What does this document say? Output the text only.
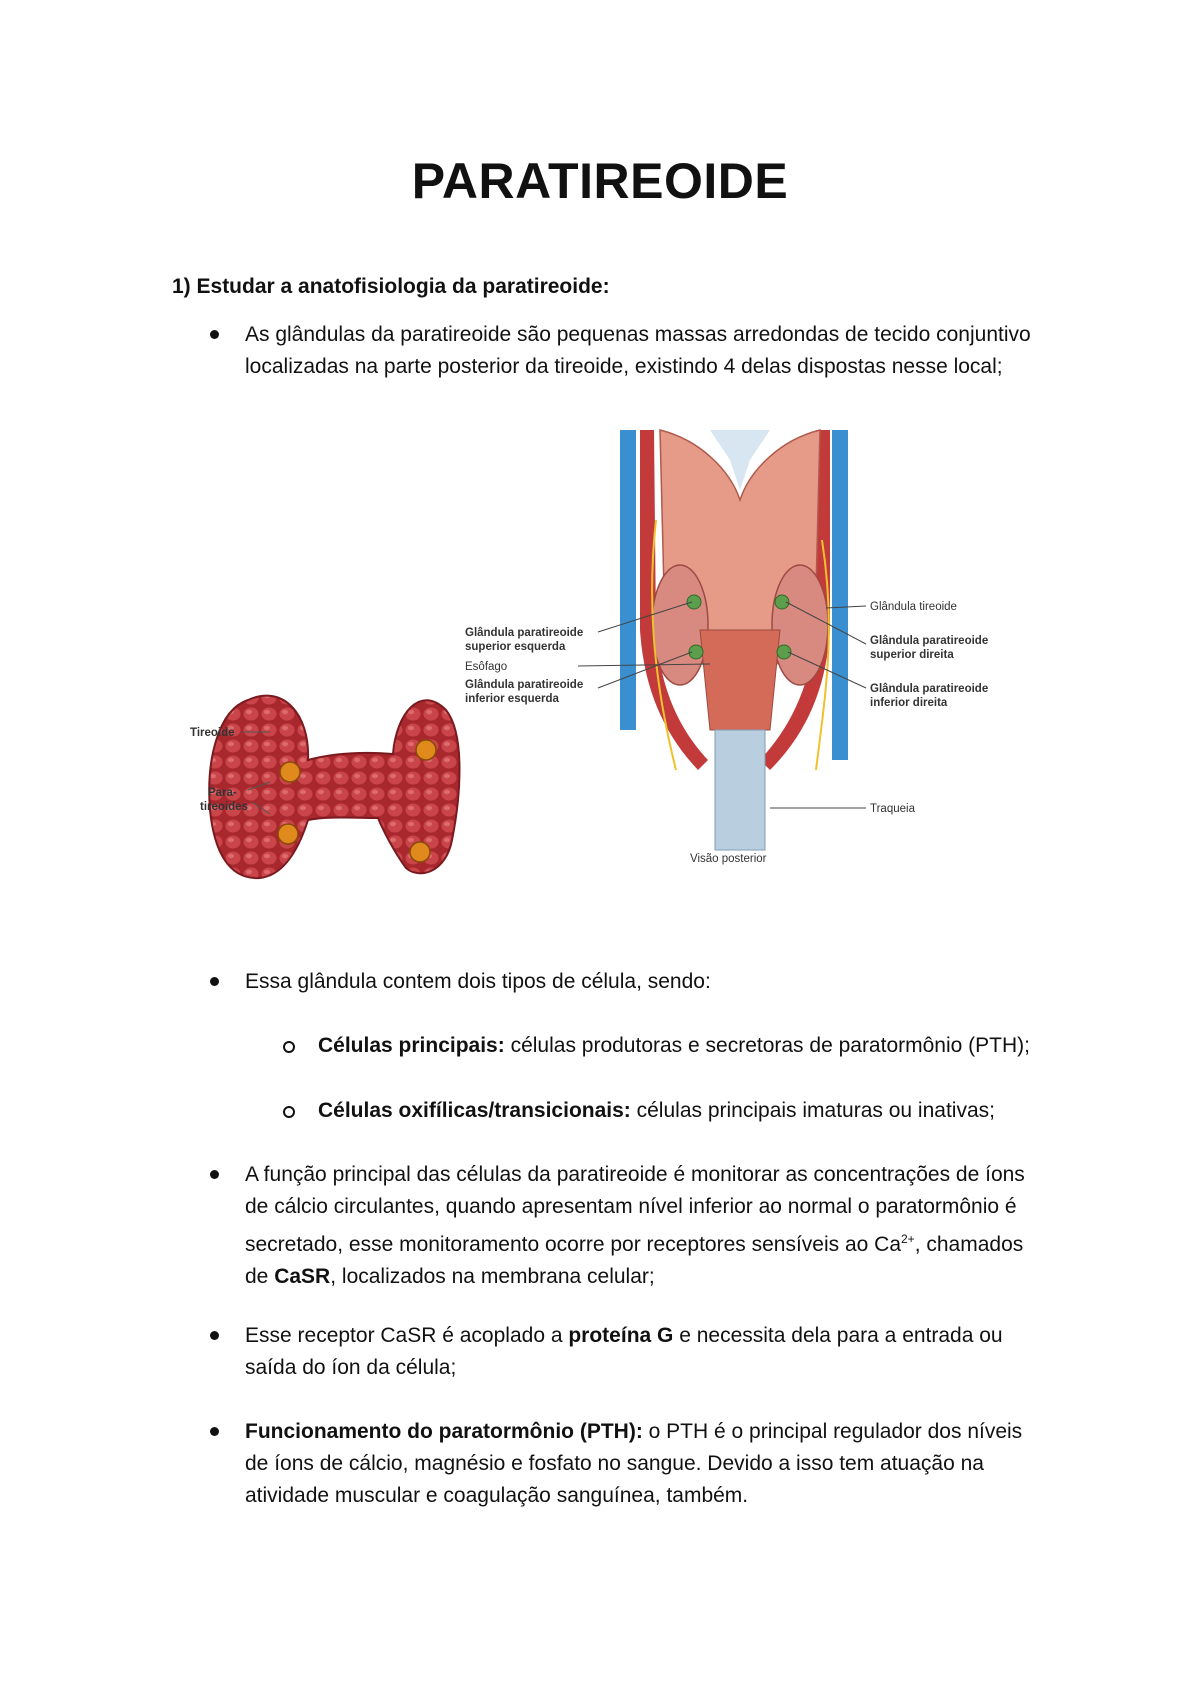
PARATIREOIDE
1) Estudar a anatofisiologia da paratireoide:
As glândulas da paratireoide são pequenas massas arredondas de tecido conjuntivo localizadas na parte posterior da tireoide, existindo 4 delas dispostas nesse local;
Tireoide
Para-
tireoides
Glândula tireoide
Glândula paratireoide
superior esquerda
Esôfago
Glândula paratireoide
inferior esquerda
Glândula paratireoide
superior direita
Glândula paratireoide
inferior direita
Traqueia
Visão posterior
Essa glândula contem dois tipos de célula, sendo:
Células principais: células produtoras e secretoras de paratormônio (PTH);
Células oxifílicas/transicionais: células principais imaturas ou inativas;
A função principal das células da paratireoide é monitorar as concentrações de íons de cálcio circulantes, quando apresentam nível inferior ao normal o paratormônio é secretado, esse monitoramento ocorre por receptores sensíveis ao $Ca^{2+}$, chamados de CaSR, localizados na membrana celular;
Esse receptor CaSR é acoplado a proteína G e necessita dela para a entrada ou saída do íon da célula;
Funcionamento do paratormônio (PTH): o PTH é o principal regulador dos níveis de íons de cálcio, magnésio e fosfato no sangue. Devido a isso tem atuação na atividade muscular e coagulação sanguínea, também.
